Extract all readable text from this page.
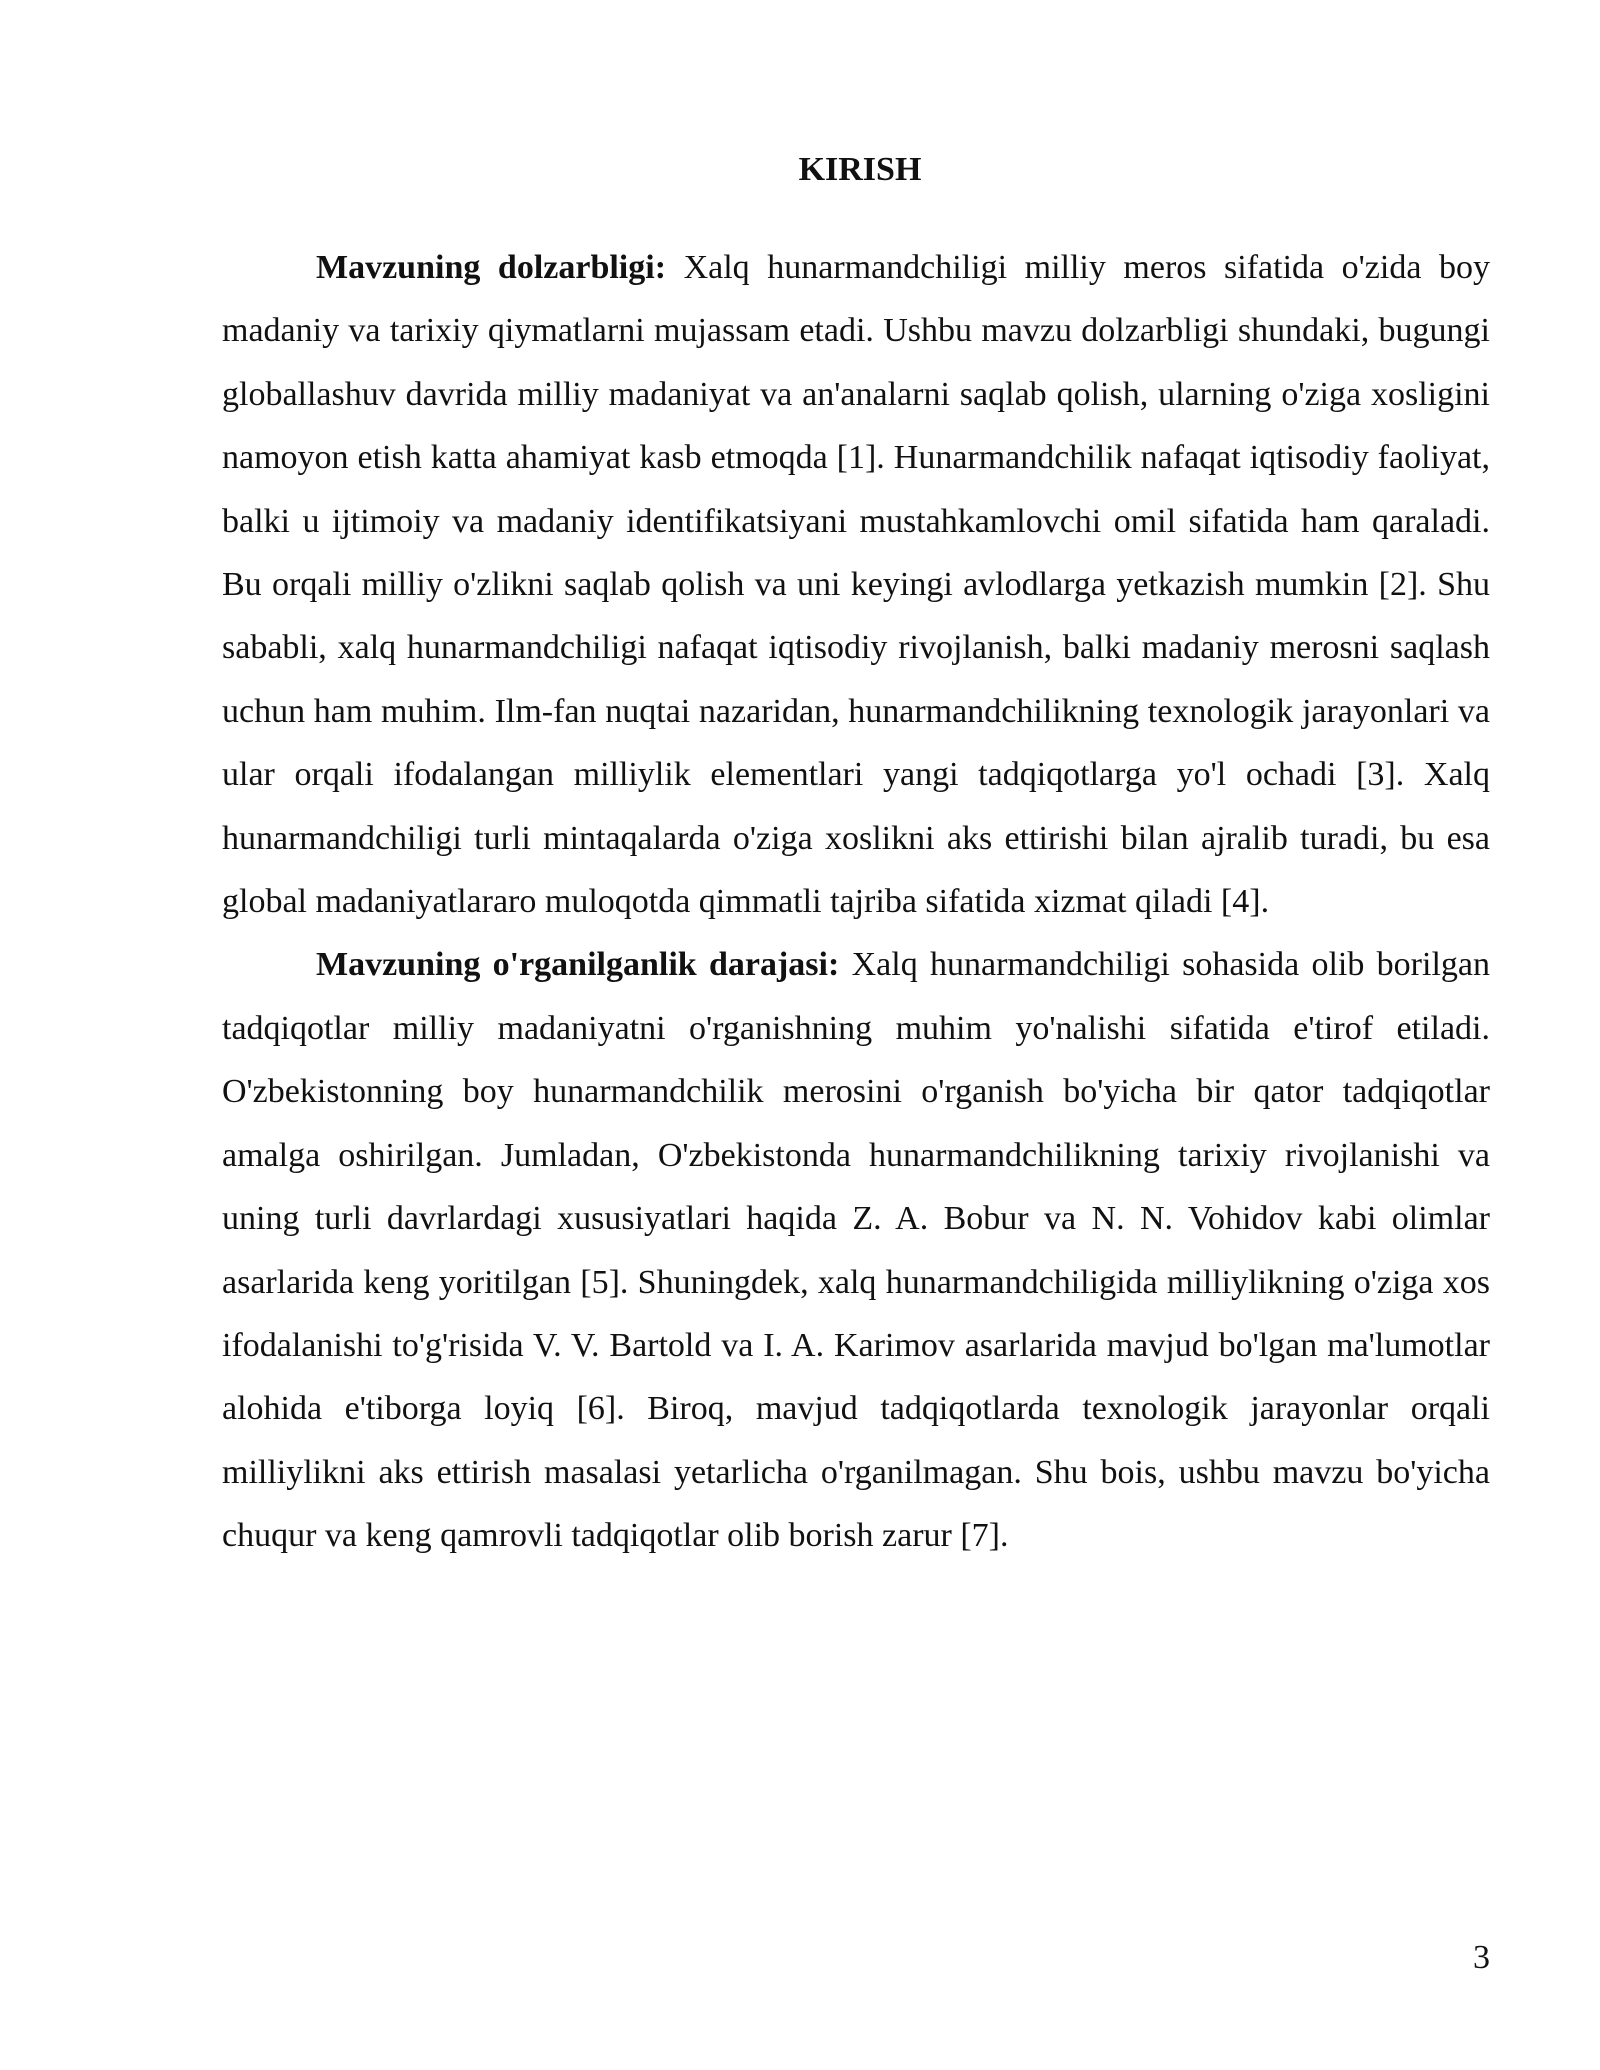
KIRISH

Mavzuning dolzarbligi: Xalq hunarmandchiligi milliy meros sifatida o'zida boy madaniy va tarixiy qiymatlarni mujassam etadi. Ushbu mavzu dolzarbligi shundaki, bugungi globallashuv davrida milliy madaniyat va an'analarni saqlab qolish, ularning o'ziga xosligini namoyon etish katta ahamiyat kasb etmoqda [1]. Hunarmandchilik nafaqat iqtisodiy faoliyat, balki u ijtimoiy va madaniy identifikatsiyani mustahkamlovchi omil sifatida ham qaraladi. Bu orqali milliy o'zlikni saqlab qolish va uni keyingi avlodlarga yetkazish mumkin [2]. Shu sababli, xalq hunarmandchiligi nafaqat iqtisodiy rivojlanish, balki madaniy merosni saqlash uchun ham muhim. Ilm-fan nuqtai nazaridan, hunarmandchilikning texnologik jarayonlari va ular orqali ifodalangan milliylik elementlari yangi tadqiqotlarga yo'l ochadi [3]. Xalq hunarmandchiligi turli mintaqalarda o'ziga xoslikni aks ettirishi bilan ajralib turadi, bu esa global madaniyatlararo muloqotda qimmatli tajriba sifatida xizmat qiladi [4].

Mavzuning o'rganilganlik darajasi: Xalq hunarmandchiligi sohasida olib borilgan tadqiqotlar milliy madaniyatni o'rganishning muhim yo'nalishi sifatida e'tirof etiladi. O'zbekistonning boy hunarmandchilik merosini o'rganish bo'yicha bir qator tadqiqotlar amalga oshirilgan. Jumladan, O'zbekistonda hunarmandchilikning tarixiy rivojlanishi va uning turli davrlardagi xususiyatlari haqida Z. A. Bobur va N. N. Vohidov kabi olimlar asarlarida keng yoritilgan [5]. Shuningdek, xalq hunarmandchiligida milliylikning o'ziga xos ifodalanishi to'g'risida V. V. Bartold va I. A. Karimov asarlarida mavjud bo'lgan ma'lumotlar alohida e'tiborga loyiq [6]. Biroq, mavjud tadqiqotlarda texnologik jarayonlar orqali milliylikni aks ettirish masalasi yetarlicha o'rganilmagan. Shu bois, ushbu mavzu bo'yicha chuqur va keng qamrovli tadqiqotlar olib borish zarur [7].

3
